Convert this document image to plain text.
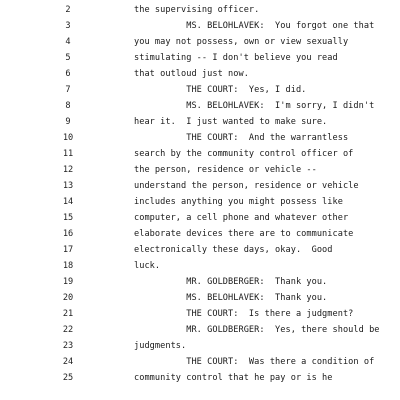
2	the supervising officer.
3	MS. BELOHLAVEK:  You forgot one that
4	you may not possess, own or view sexually
5	stimulating -- I don't believe you read
6	that outloud just now.
7	THE COURT:  Yes, I did.
8	MS. BELOHLAVEK:  I'm sorry, I didn't
9	hear it.  I just wanted to make sure.
10	THE COURT:  And the warrantless
11	search by the community control officer of
12	the person, residence or vehicle --
13	understand the person, residence or vehicle
14	includes anything you might possess like
15	computer, a cell phone and whatever other
16	elaborate devices there are to communicate
17	electronically these days, okay.  Good
18	luck.
19	MR. GOLDBERGER:  Thank you.
20	MS. BELOHLAVEK:  Thank you.
21	THE COURT:  Is there a judgment?
22	MR. GOLDBERGER:  Yes, there should be
23	judgments.
24	THE COURT:  Was there a condition of
25	community control that he pay or is he
